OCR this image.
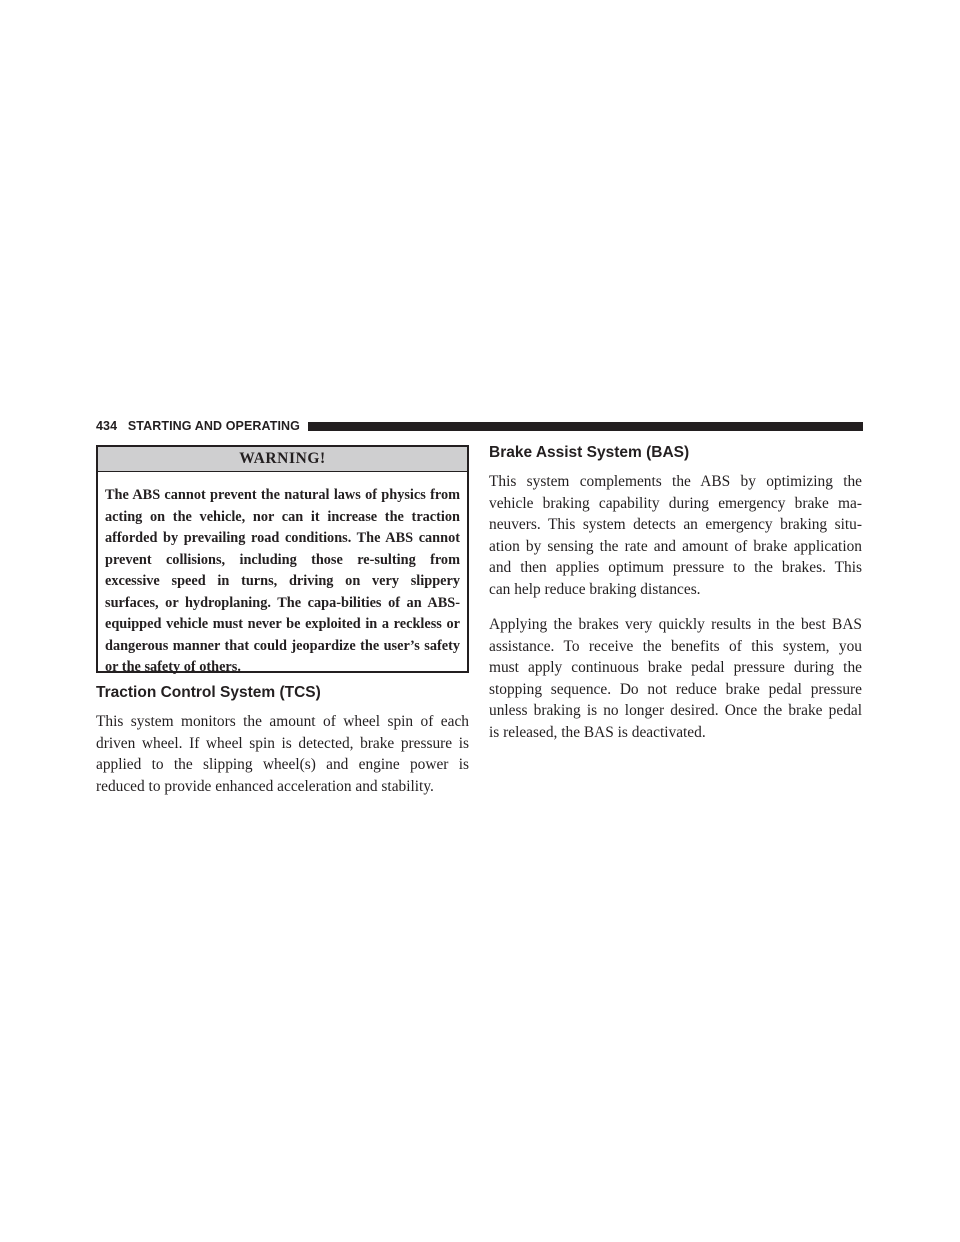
434 STARTING AND OPERATING
WARNING!
The ABS cannot prevent the natural laws of physics from acting on the vehicle, nor can it increase the traction afforded by prevailing road conditions. The ABS cannot prevent collisions, including those re-sulting from excessive speed in turns, driving on very slippery surfaces, or hydroplaning. The capa-bilities of an ABS-equipped vehicle must never be exploited in a reckless or dangerous manner that could jeopardize the user’s safety or the safety of others.
Traction Control System (TCS)
This system monitors the amount of wheel spin of each
driven wheel. If wheel spin is detected, brake pressure is
applied to the slipping wheel(s) and engine power is
reduced to provide enhanced acceleration and stability.
Brake Assist System (BAS)
This system complements the ABS by optimizing the
vehicle braking capability during emergency brake ma-
neuvers. This system detects an emergency braking situ-
ation by sensing the rate and amount of brake application
and then applies optimum pressure to the brakes. This
can help reduce braking distances.
Applying the brakes very quickly results in the best BAS
assistance. To receive the benefits of this system, you
must apply continuous brake pedal pressure during the
stopping sequence. Do not reduce brake pedal pressure
unless braking is no longer desired. Once the brake pedal
is released, the BAS is deactivated.
